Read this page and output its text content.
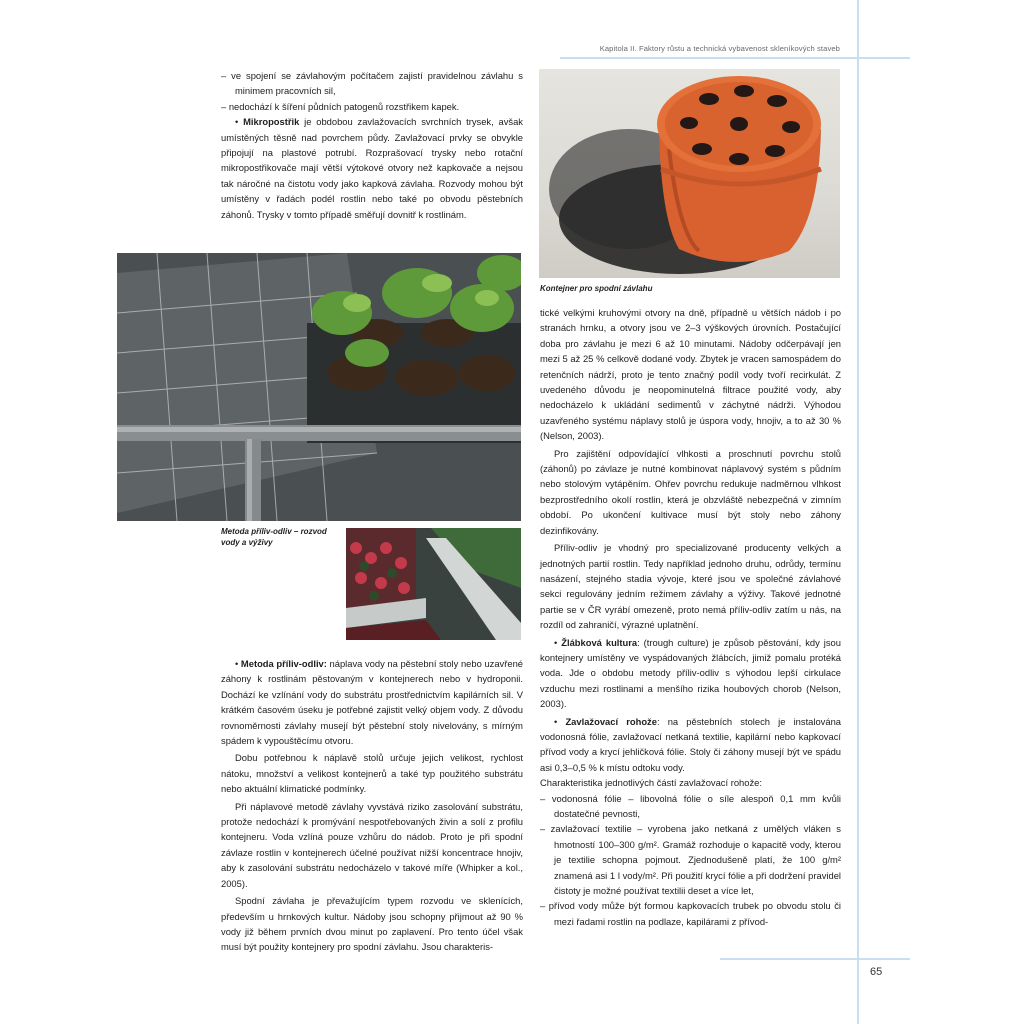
Kapitola II. Faktory růstu a technická vybavenost skleníkových staveb
65

– ve spojení se závlahovým počítačem zajistí pravidelnou závlahu s minimem pracovních sil,

– nedochází k šíření půdních patogenů rozstřikem kapek.

• Mikropostřik je obdobou zavlažovacích svrchních trysek, avšak umístěných těsně nad povrchem půdy. Zavlažovací prvky se obvykle připojují na plastové potrubí. Rozprašovací trysky nebo rotační mikropostřikovače mají větší výtokové otvory než kapkovače a nejsou tak náročné na čistotu vody jako kapková závlaha. Rozvody mohou být umístěny v řadách podél rostlin nebo také po obvodu pěstebních záhonů. Trysky v tomto případě směřují dovnitř k rostlinám.

Kontejner pro spodní závlahu
Metoda příliv-odliv – rozvod vody a výživy

• Metoda příliv-odliv: náplava vody na pěstební stoly nebo uzavřené záhony k rostlinám pěstovaným v kontejnerech nebo v hydroponii. Dochází ke vzlínání vody do substrátu prostřednictvím kapilárních sil. V krátkém časovém úseku je potřebné zajistit velký objem vody. Z důvodu rovnoměrnosti závlahy musejí být pěstební stoly nivelovány, s mírným spádem k vypouštěcímu otvoru.

Dobu potřebnou k náplavě stolů určuje jejich velikost, rychlost nátoku, množství a velikost kontejnerů a také typ použitého substrátu nebo aktuální klimatické podmínky.

Při náplavové metodě závlahy vyvstává riziko zasolování substrátu, protože nedochází k promývání nespotřebovaných živin a solí z profilu kontejneru. Voda vzlíná pouze vzhůru do nádob. Proto je při spodní závlaze rostlin v kontejnerech účelné používat nižší koncentrace hnojiv, aby k zasolování substrátu nedocházelo v takové míře (Whipker a kol., 2005).

Spodní závlaha je převažujícím typem rozvodu ve sklenících, především u hrnkových kultur. Nádoby jsou schopny přijmout až 90 % vody již během prvních dvou minut po zaplavení. Pro tento účel však musí být použity kontejnery pro spodní závlahu. Jsou charakteris-

tické velkými kruhovými otvory na dně, případně u větších nádob i po stranách hrnku, a otvory jsou ve 2–3 výškových úrovních. Postačující doba pro závlahu je mezi 6 až 10 minutami. Nádoby odčerpávají jen mezi 5 až 25 % celkově dodané vody. Zbytek je vracen samospádem do retenčních nádrží, proto je tento značný podíl vody tvoří recirkulát. Z uvedeného důvodu je neopominutelná filtrace použité vody, aby nedocházelo k ukládání sedimentů v záchytné nádrži. Výhodou uzavřeného systému náplavy stolů je úspora vody, hnojiv, a to až 30 % (Nelson, 2003).

Pro zajištění odpovídající vlhkosti a proschnutí povrchu stolů (záhonů) po závlaze je nutné kombinovat náplavový systém s půdním nebo stolovým vytápěním. Ohřev povrchu redukuje nadměrnou vlhkost bezprostředního okolí rostlin, která je obzvláště nebezpečná v zimním období. Po ukončení kultivace musí být stoly nebo záhony dezinfikovány.

Příliv-odliv je vhodný pro specializované producenty velkých a jednotných partií rostlin. Tedy například jednoho druhu, odrůdy, termínu nasázení, stejného stadia vývoje, které jsou ve společné závlahové sekci regulovány jedním režimem závlahy a výživy. Takové jednotné partie se v ČR vyrábí omezeně, proto nemá příliv-odliv zatím u nás, na rozdíl od zahraničí, výrazné uplatnění.

• Žlábková kultura: (trough culture) je způsob pěstování, kdy jsou kontejnery umístěny ve vyspádovaných žlábcích, jimiž pomalu protéká voda. Jde o obdobu metody příliv-odliv s výhodou lepší cirkulace vzduchu mezi rostlinami a menšího rizika houbových chorob (Nelson, 2003).

• Zavlažovací rohože: na pěstebních stolech je instalována vodonosná fólie, zavlažovací netkaná textilie, kapilární nebo kapkovací přívod vody a krycí jehličková fólie. Stoly či záhony musejí být ve spádu asi 0,3–0,5 % k místu odtoku vody.

Charakteristika jednotlivých částí zavlažovací rohože:

– vodonosná fólie – libovolná fólie o síle alespoň 0,1 mm kvůli dostatečné pevnosti,

– zavlažovací textilie – vyrobena jako netkaná z umělých vláken s hmotností 100–300 g/m². Gramáž rozhoduje o kapacitě vody, kterou je textilie schopna pojmout. Zjednodušeně platí, že 100 g/m² znamená asi 1 l vody/m². Při použití krycí fólie a při dodržení pravidel čistoty je možné používat textilii deset a více let,

– přívod vody může být formou kapkovacích trubek po obvodu stolu či mezi řadami rostlin na podlaze, kapilárami z přívod-
